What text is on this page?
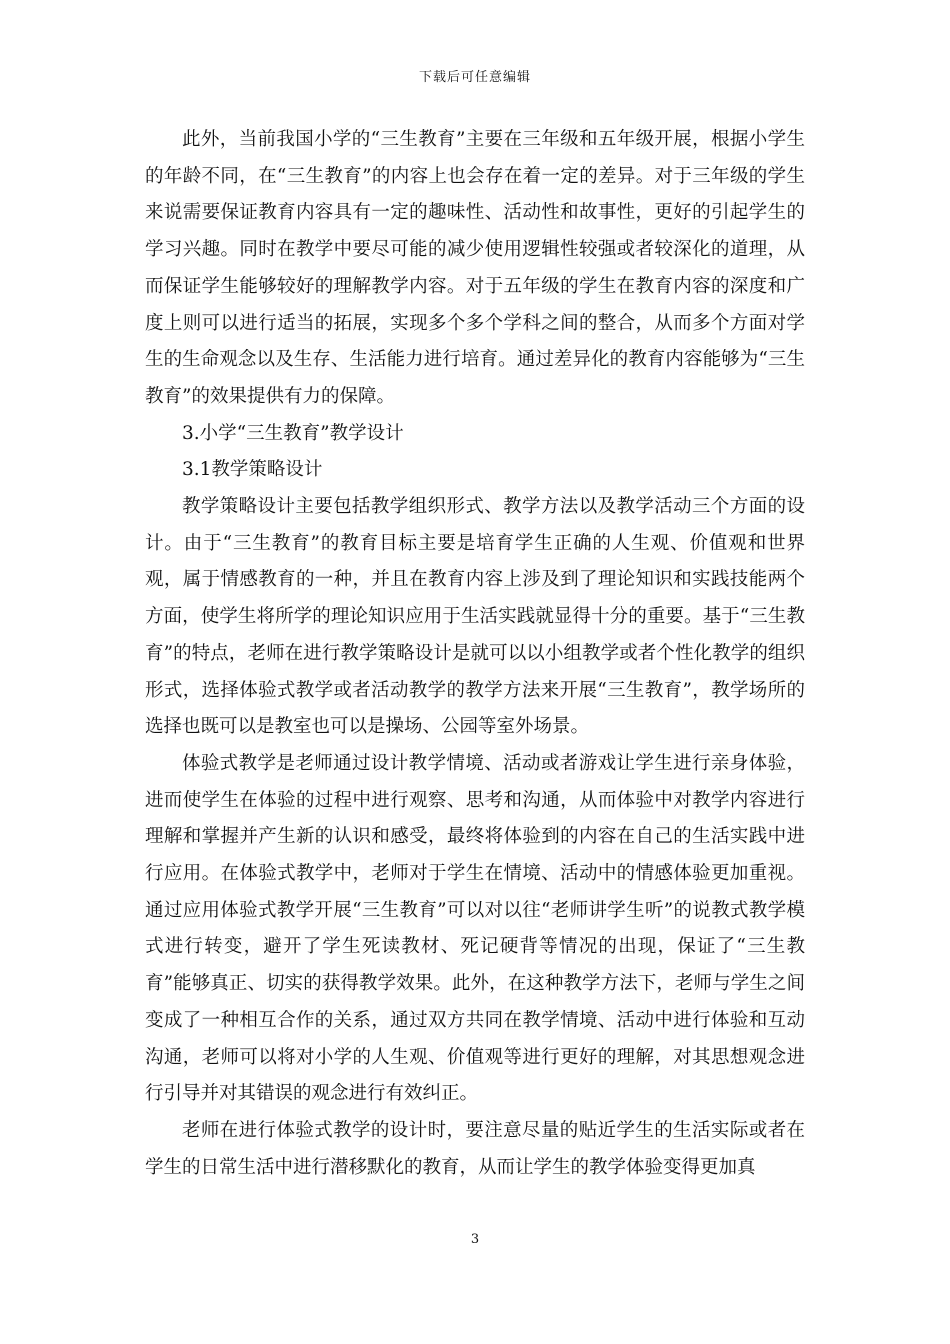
下载后可任意编辑

此外，当前我国小学的“三生教育”主要在三年级和五年级开展，根据小学生的年龄不同，在“三生教育”的内容上也会存在着一定的差异。对于三年级的学生来说需要保证教育内容具有一定的趣味性、活动性和故事性，更好的引起学生的学习兴趣。同时在教学中要尽可能的减少使用逻辑性较强或者较深化的道理，从而保证学生能够较好的理解教学内容。对于五年级的学生在教育内容的深度和广度上则可以进行适当的拓展，实现多个多个学科之间的整合，从而多个方面对学生的生命观念以及生存、生活能力进行培育。通过差异化的教育内容能够为“三生教育”的效果提供有力的保障。

3.小学“三生教育”教学设计

3.1教学策略设计

教学策略设计主要包括教学组织形式、教学方法以及教学活动三个方面的设计。由于“三生教育”的教育目标主要是培育学生正确的人生观、价值观和世界观，属于情感教育的一种，并且在教育内容上涉及到了理论知识和实践技能两个方面，使学生将所学的理论知识应用于生活实践就显得十分的重要。基于“三生教育”的特点，老师在进行教学策略设计是就可以以小组教学或者个性化教学的组织形式，选择体验式教学或者活动教学的教学方法来开展“三生教育”，教学场所的选择也既可以是教室也可以是操场、公园等室外场景。

体验式教学是老师通过设计教学情境、活动或者游戏让学生进行亲身体验，进而使学生在体验的过程中进行观察、思考和沟通，从而体验中对教学内容进行理解和掌握并产生新的认识和感受，最终将体验到的内容在自己的生活实践中进行应用。在体验式教学中，老师对于学生在情境、活动中的情感体验更加重视。通过应用体验式教学开展“三生教育”可以对以往“老师讲学生听”的说教式教学模式进行转变，避开了学生死读教材、死记硬背等情况的出现，保证了“三生教育”能够真正、切实的获得教学效果。此外，在这种教学方法下，老师与学生之间变成了一种相互合作的关系，通过双方共同在教学情境、活动中进行体验和互动沟通，老师可以将对小学的人生观、价值观等进行更好的理解，对其思想观念进行引导并对其错误的观念进行有效纠正。

老师在进行体验式教学的设计时，要注意尽量的贴近学生的生活实际或者在学生的日常生活中进行潜移默化的教育，从而让学生的教学体验变得更加真

3
